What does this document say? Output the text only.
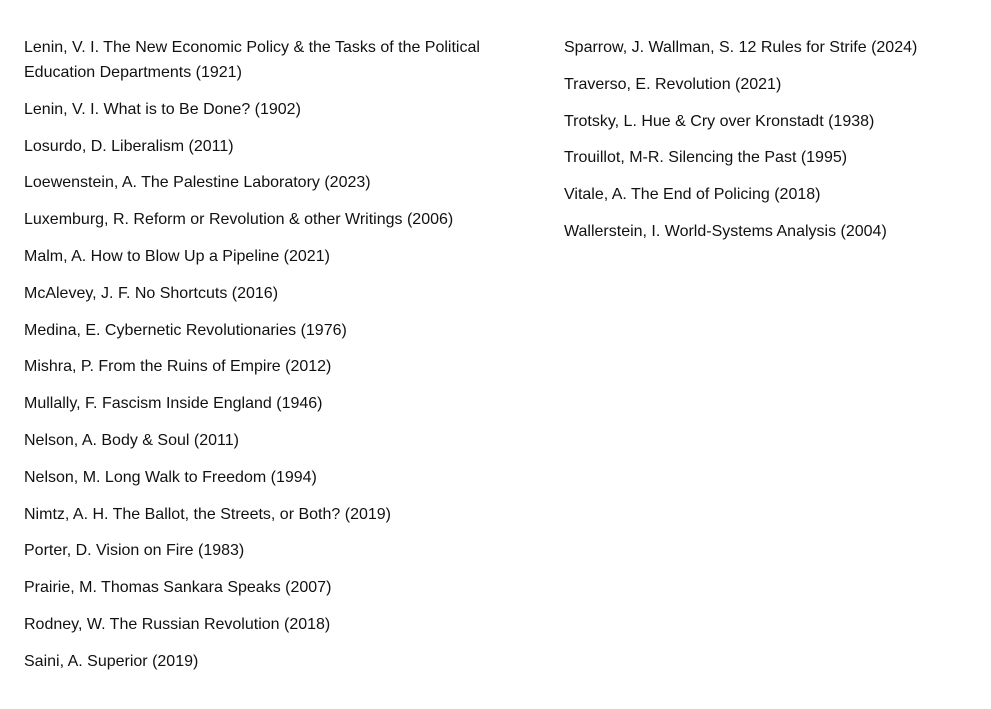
Lenin, V. I. The New Economic Policy & the Tasks of the Political Education Departments (1921)
Lenin, V. I. What is to Be Done? (1902)
Losurdo, D. Liberalism (2011)
Loewenstein, A. The Palestine Laboratory (2023)
Luxemburg, R. Reform or Revolution & other Writings (2006)
Malm, A. How to Blow Up a Pipeline (2021)
McAlevey, J. F. No Shortcuts (2016)
Medina, E. Cybernetic Revolutionaries (1976)
Mishra, P. From the Ruins of Empire (2012)
Mullally, F. Fascism Inside England (1946)
Nelson, A. Body & Soul (2011)
Nelson, M. Long Walk to Freedom (1994)
Nimtz, A. H. The Ballot, the Streets, or Both? (2019)
Porter, D. Vision on Fire (1983)
Prairie, M. Thomas Sankara Speaks (2007)
Rodney, W. The Russian Revolution (2018)
Saini, A. Superior (2019)
Sparrow, J. Wallman, S. 12 Rules for Strife (2024)
Traverso, E. Revolution (2021)
Trotsky, L. Hue & Cry over Kronstadt (1938)
Trouillot, M-R. Silencing the Past (1995)
Vitale, A. The End of Policing (2018)
Wallerstein, I. World-Systems Analysis (2004)
